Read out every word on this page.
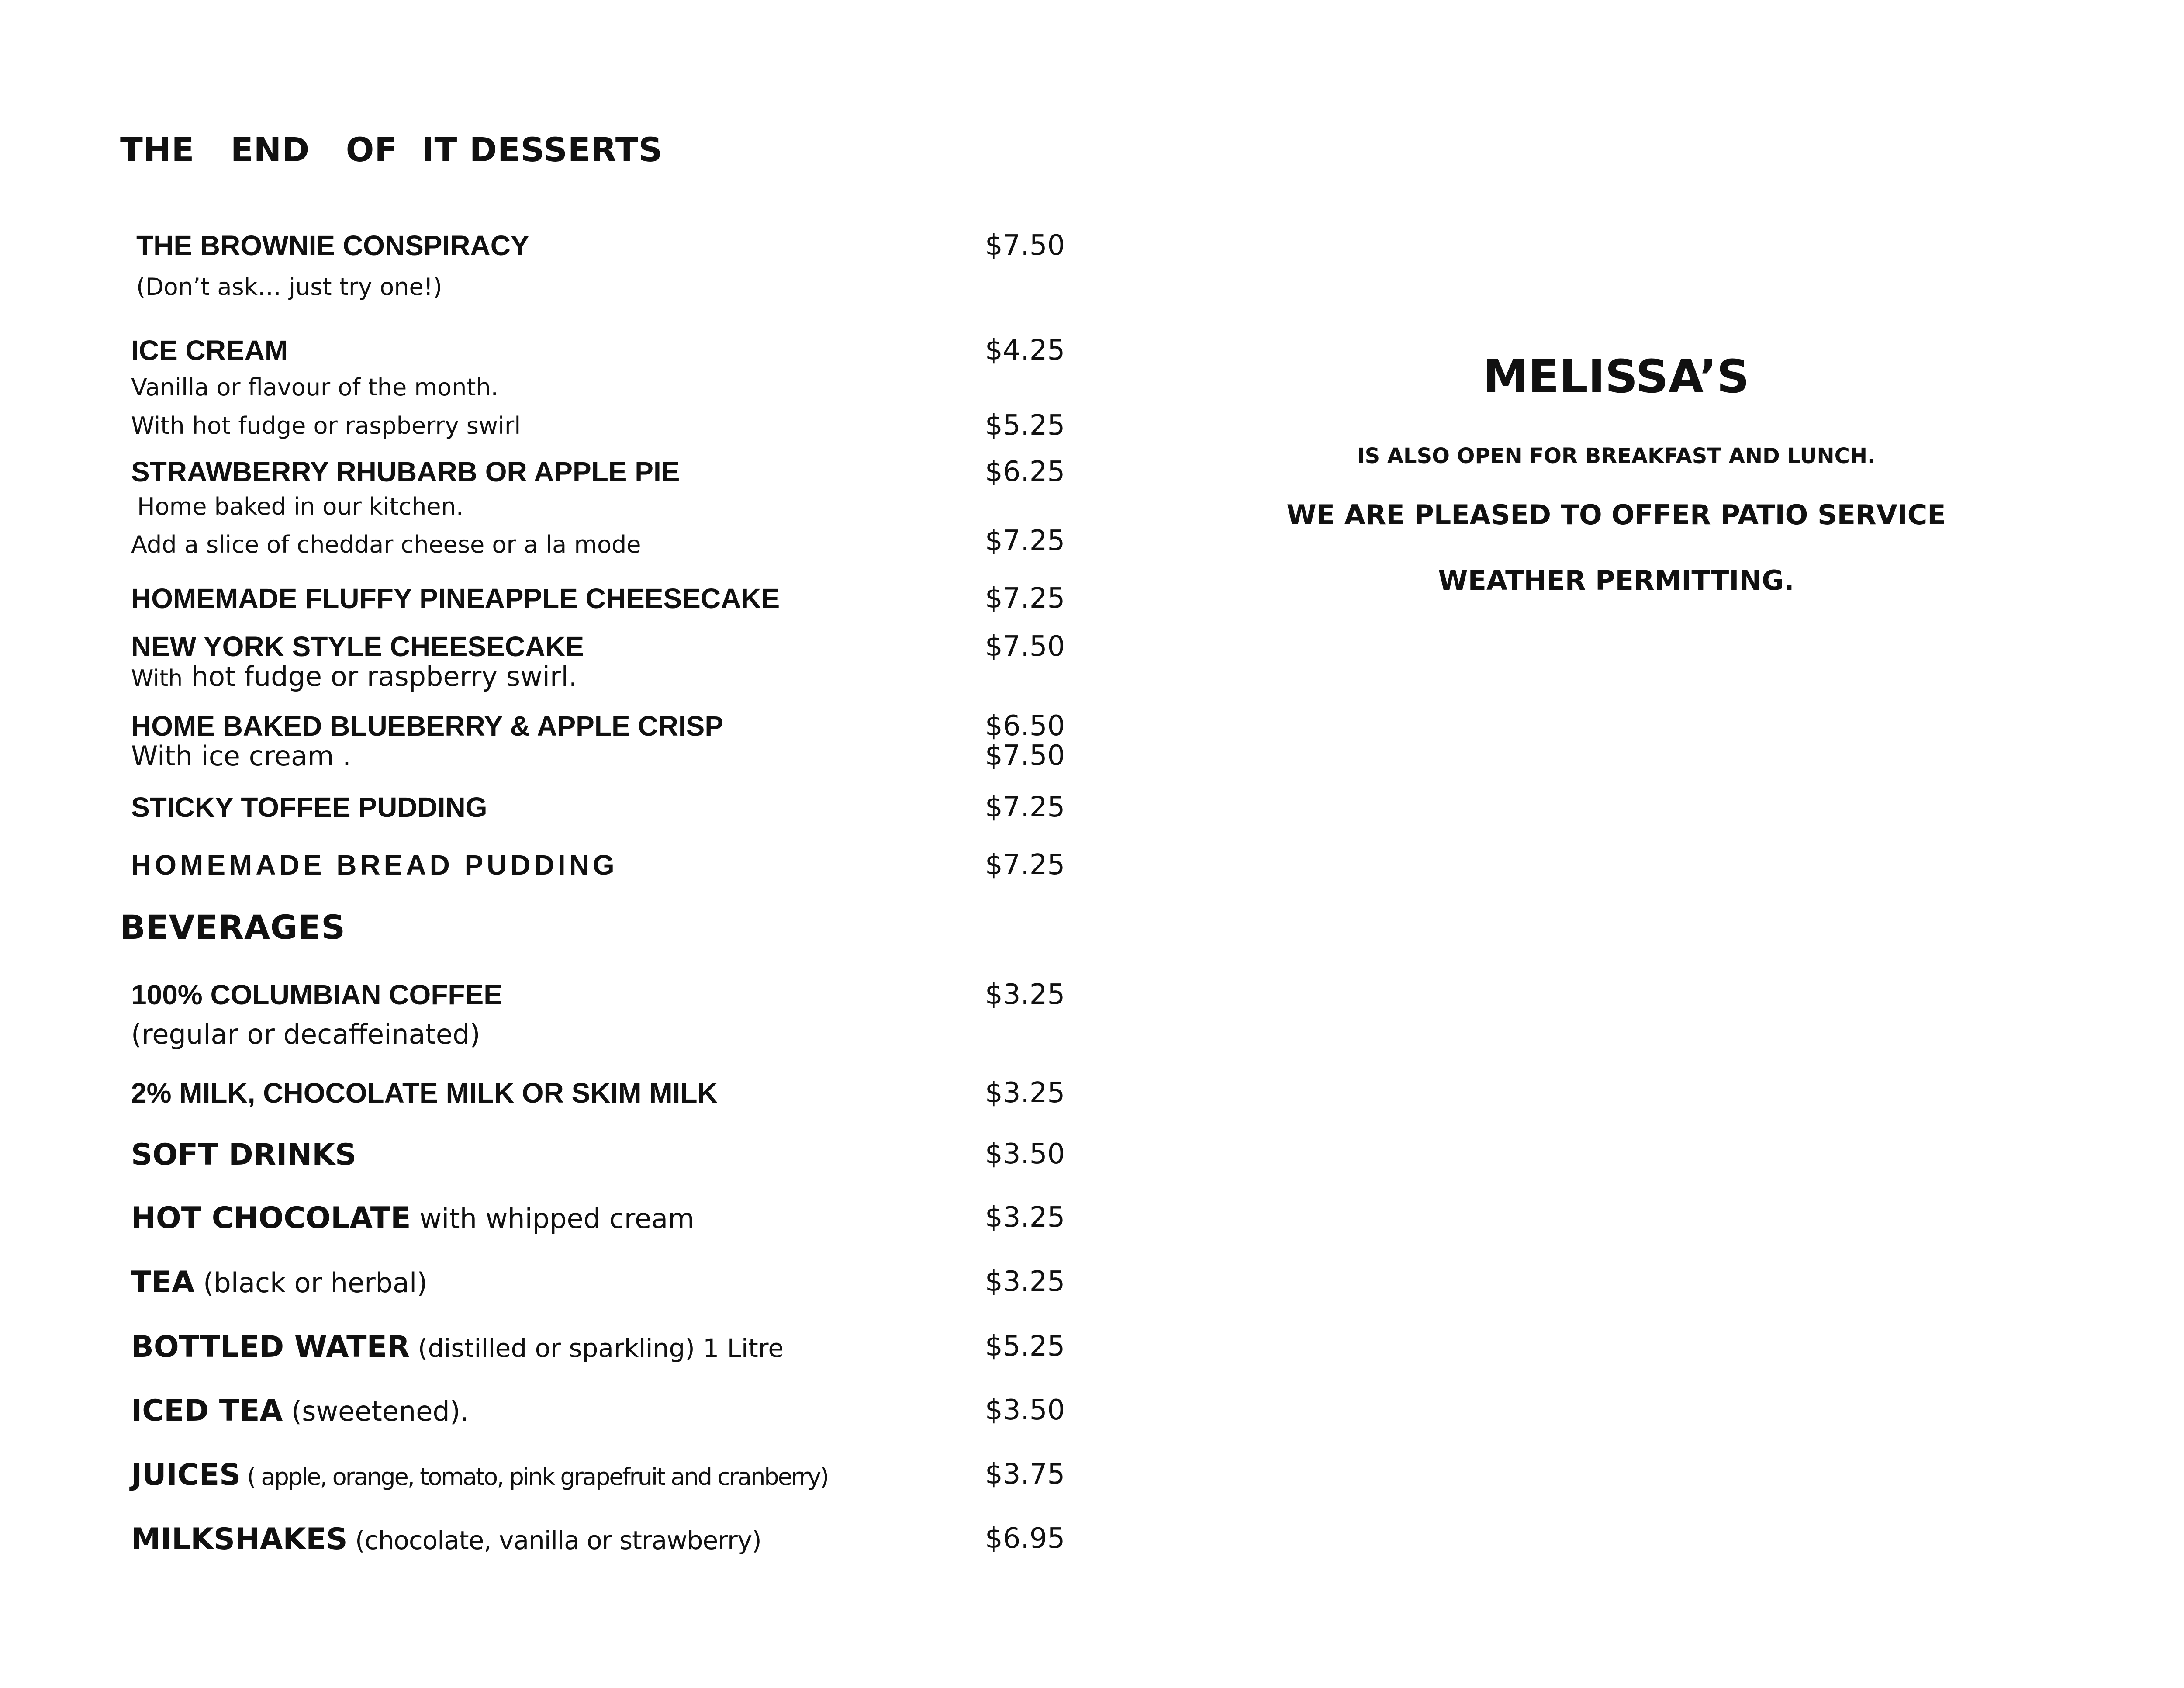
THE   END   OF  IT DESSERTS
THE BROWNIE CONSPIRACY	$7.50
(Don’t ask… just try one!)
ICE CREAM	$4.25
Vanilla or flavour of the month.
With hot fudge or raspberry swirl	$5.25
STRAWBERRY RHUBARB OR APPLE PIE	$6.25
Home baked in our kitchen.
Add a slice of cheddar cheese or a la mode	$7.25
HOMEMADE FLUFFY PINEAPPLE CHEESECAKE	$7.25
NEW YORK STYLE CHEESECAKE	$7.50
With hot fudge or raspberry swirl.
HOME BAKED BLUEBERRY & APPLE CRISP	$6.50
With ice cream .	$7.50
STICKY TOFFEE PUDDING	$7.25
HOMEMADE BREAD PUDDING	$7.25
BEVERAGES
100% COLUMBIAN COFFEE	$3.25
(regular or decaffeinated)
2% MILK, CHOCOLATE MILK OR SKIM MILK	$3.25
SOFT DRINKS	$3.50
HOT CHOCOLATE with whipped cream	$3.25
TEA (black or herbal)	$3.25
BOTTLED WATER (distilled or sparkling) 1 Litre	$5.25
ICED TEA (sweetened).	$3.50
JUICES ( apple, orange, tomato, pink grapefruit and cranberry)	$3.75
MILKSHAKES (chocolate, vanilla or strawberry)	$6.95
MELISSA’S

IS ALSO OPEN FOR BREAKFAST AND LUNCH.

WE ARE PLEASED TO OFFER PATIO SERVICE

WEATHER PERMITTING.
